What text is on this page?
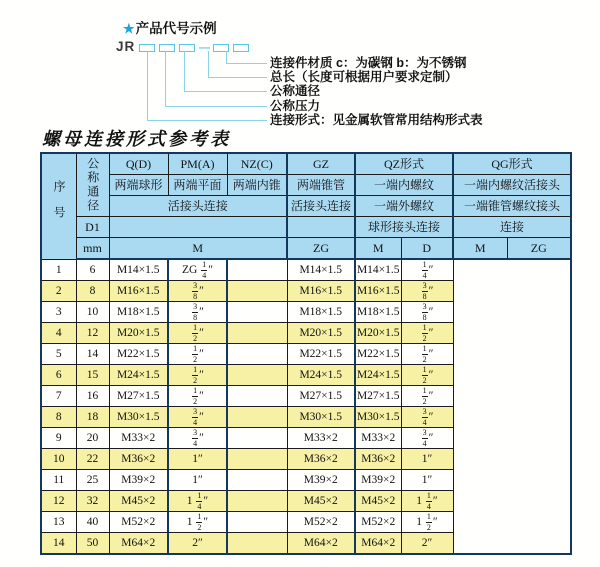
★产品代号示例
JR	—
连接件材质 c：为碳钢 b：为不锈钢
总长（长度可根据用户要求定制）
公称通径
公称压力
连接形式：见金属软管常用结构形式表
螺母连接形式参考表
序号	公称通径	Q(D)	PM(A)	NZ(C)	GZ	QZ形式		QG形式	
		两端球形	两端平面	两端内锥	两端锥管	一端内螺纹		一端内螺纹活接头	
		活接头连接			活接头连接	一端外螺纹		一端锥管螺纹接头	
	D1					球形接头连接		连接	
	mm	M			ZG	M	D	M	ZG
1	6	M14×1.5	ZG $\frac{1}{4}$ ″		M14×1.5	M14×1.5	$\frac{1}{4}$ ″		
2	8	M16×1.5	$\frac{3}{8}$ ″		M16×1.5	M16×1.5	$\frac{3}{8}$ ″		
3	10	M18×1.5	$\frac{3}{8}$ ″		M18×1.5	M18×1.5	$\frac{3}{8}$ ″		
4	12	M20×1.5	$\frac{1}{2}$ ″		M20×1.5	M20×1.5	$\frac{1}{2}$ ″		
5	14	M22×1.5	$\frac{1}{2}$ ″		M22×1.5	M22×1.5	$\frac{1}{2}$ ″		
6	15	M24×1.5	$\frac{1}{2}$ ″		M24×1.5	M24×1.5	$\frac{1}{2}$ ″		
7	16	M27×1.5	$\frac{1}{2}$ ″		M27×1.5	M27×1.5	$\frac{1}{2}$ ″		
8	18	M30×1.5	$\frac{3}{4}$ ″		M30×1.5	M30×1.5	$\frac{3}{4}$ ″		
9	20	M33×2	$\frac{3}{4}$ ″		M33×2	M33×2	$\frac{3}{4}$ ″		
10	22	M36×2	1″		M36×2	M36×2	1″		
11	25	M39×2	1″		M39×2	M39×2	1″		
12	32	M45×2	$1 \frac{1}{4}$ ″		M45×2	M45×2	$1 \frac{1}{4}$ ″		
13	40	M52×2	$1 \frac{1}{2}$ ″		M52×2	M52×2	$1 \frac{1}{2}$ ″		
14	50	M64×2	2″		M64×2	M64×2	2″		
